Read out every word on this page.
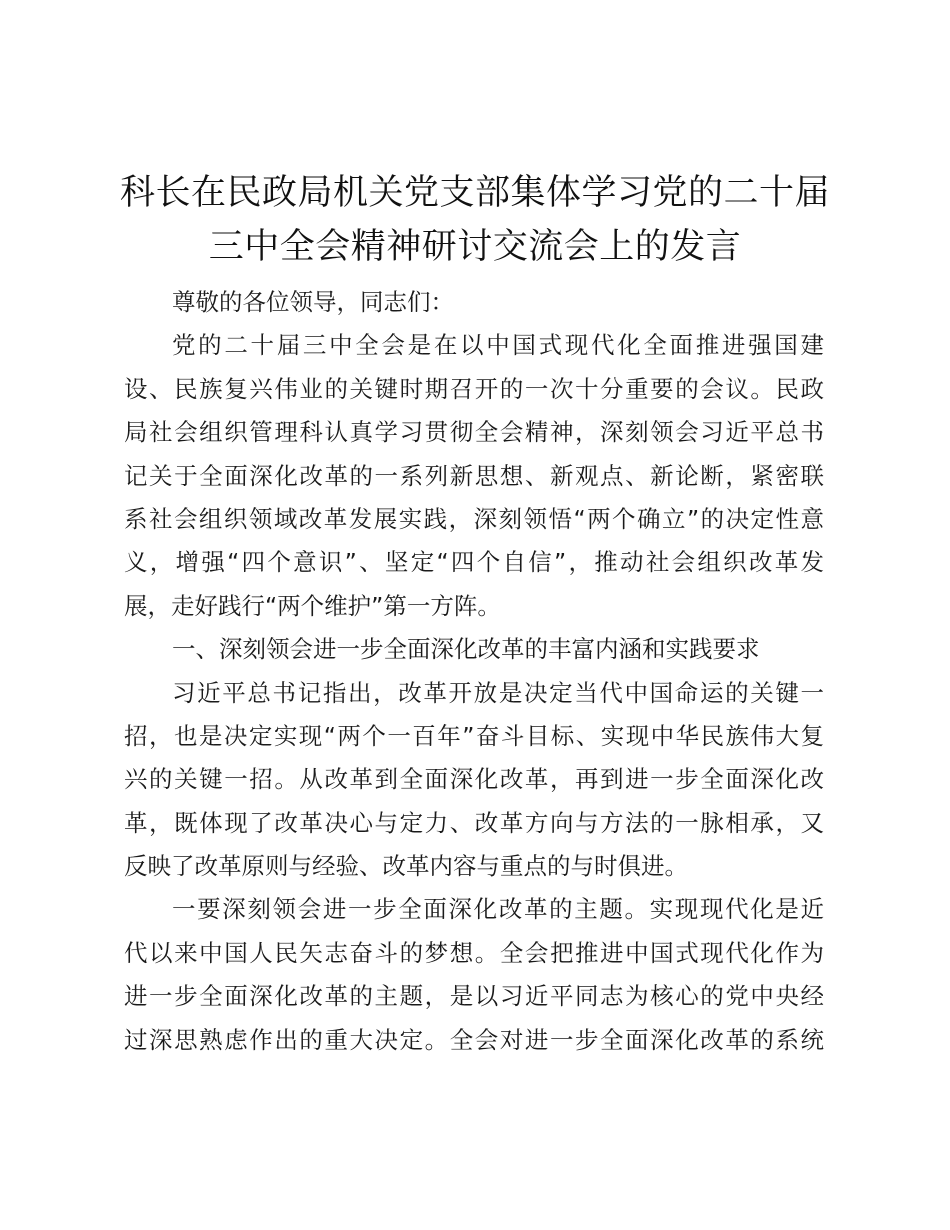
科长在民政局机关党支部集体学习党的二十届
三中全会精神研讨交流会上的发言
尊敬的各位领导，同志们：
党的二十届三中全会是在以中国式现代化全面推进强国建
设、民族复兴伟业的关键时期召开的一次十分重要的会议。民政
局社会组织管理科认真学习贯彻全会精神，深刻领会习近平总书
记关于全面深化改革的一系列新思想、新观点、新论断，紧密联
系社会组织领域改革发展实践，深刻领悟“两个确立”的决定性意
义，增强“四个意识”、坚定“四个自信”，推动社会组织改革发
展，走好践行“两个维护”第一方阵。
一、深刻领会进一步全面深化改革的丰富内涵和实践要求
习近平总书记指出，改革开放是决定当代中国命运的关键一
招，也是决定实现“两个一百年”奋斗目标、实现中华民族伟大复
兴的关键一招。从改革到全面深化改革，再到进一步全面深化改
革，既体现了改革决心与定力、改革方向与方法的一脉相承，又
反映了改革原则与经验、改革内容与重点的与时俱进。
一要深刻领会进一步全面深化改革的主题。实现现代化是近
代以来中国人民矢志奋斗的梦想。全会把推进中国式现代化作为
进一步全面深化改革的主题，是以习近平同志为核心的党中央经
过深思熟虑作出的重大决定。全会对进一步全面深化改革的系统
